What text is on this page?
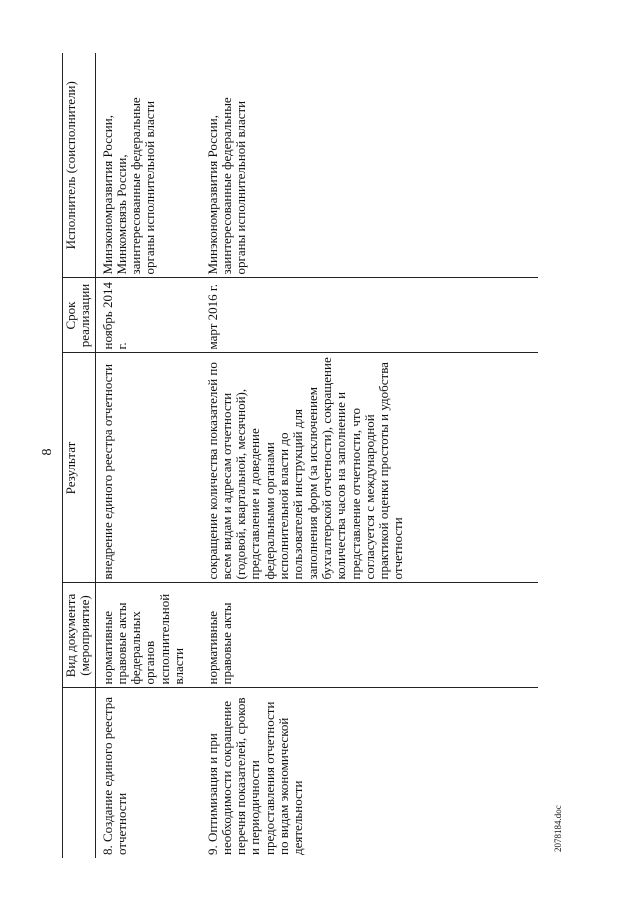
8
	Вид документа (мероприятие)	Результат	Срок реализации	Исполнитель (соисполнители)
8. Создание единого реестра отчетности	нормативные правовые акты федеральных органов исполнительной власти	внедрение единого реестра отчетности	ноябрь 2014 г.	Минэкономразвития России, Минкомсвязь России, заинтересованные федеральные органы исполнительной власти
9. Оптимизация и при необходимости сокращение перечня показателей, сроков и периодичности предоставления отчетности по видам экономической деятельности	нормативные правовые акты	сокращение количества показателей по всем видам и адресам отчетности (годовой, квартальной, месячной), представление и доведение федеральными органами исполнительной власти до пользователей инструкций для заполнения форм (за исключением бухгалтерской отчетности), сокращение количества часов на заполнение и представление отчетности, что согласуется с международной практикой оценки простоты и удобства отчетности	март 2016 г.	Минэкономразвития России, заинтересованные федеральные органы исполнительной власти
2078184.doc
